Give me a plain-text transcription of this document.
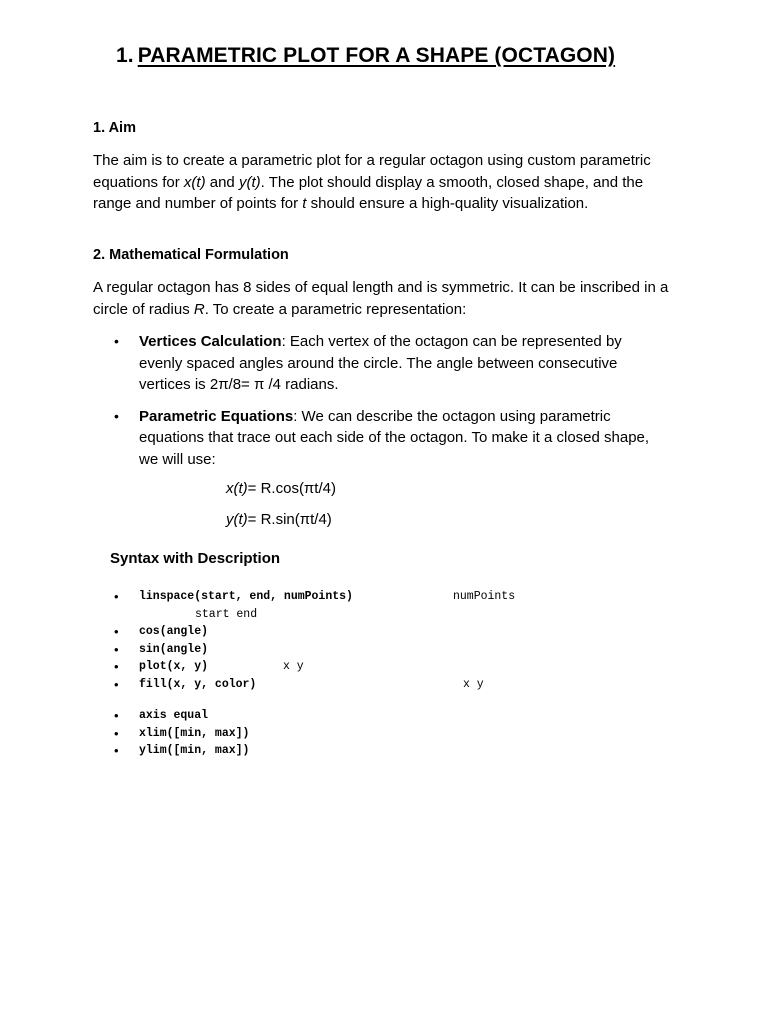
1. PARAMETRIC PLOT FOR A SHAPE (OCTAGON)
1. Aim
The aim is to create a parametric plot for a regular octagon using custom parametric equations for x(t) and y(t). The plot should display a smooth, closed shape, and the range and number of points for t should ensure a high-quality visualization.
2. Mathematical Formulation
A regular octagon has 8 sides of equal length and is symmetric. It can be inscribed in a circle of radius R. To create a parametric representation:
• Vertices Calculation: Each vertex of the octagon can be represented by evenly spaced angles around the circle. The angle between consecutive vertices is 2π/8= π /4 radians.
• Parametric Equations: We can describe the octagon using parametric equations that trace out each side of the octagon. To make it a closed shape, we will use:
x(t)= R.cos(πt/4)
y(t)= R.sin(πt/4)
Syntax with Description
• linspace(start, end, numPoints)	numPoints
start end
• cos(angle)
• sin(angle)
• plot(x, y)	x y
• fill(x, y, color)	x y
• axis equal
• xlim([min, max])
• ylim([min, max])
